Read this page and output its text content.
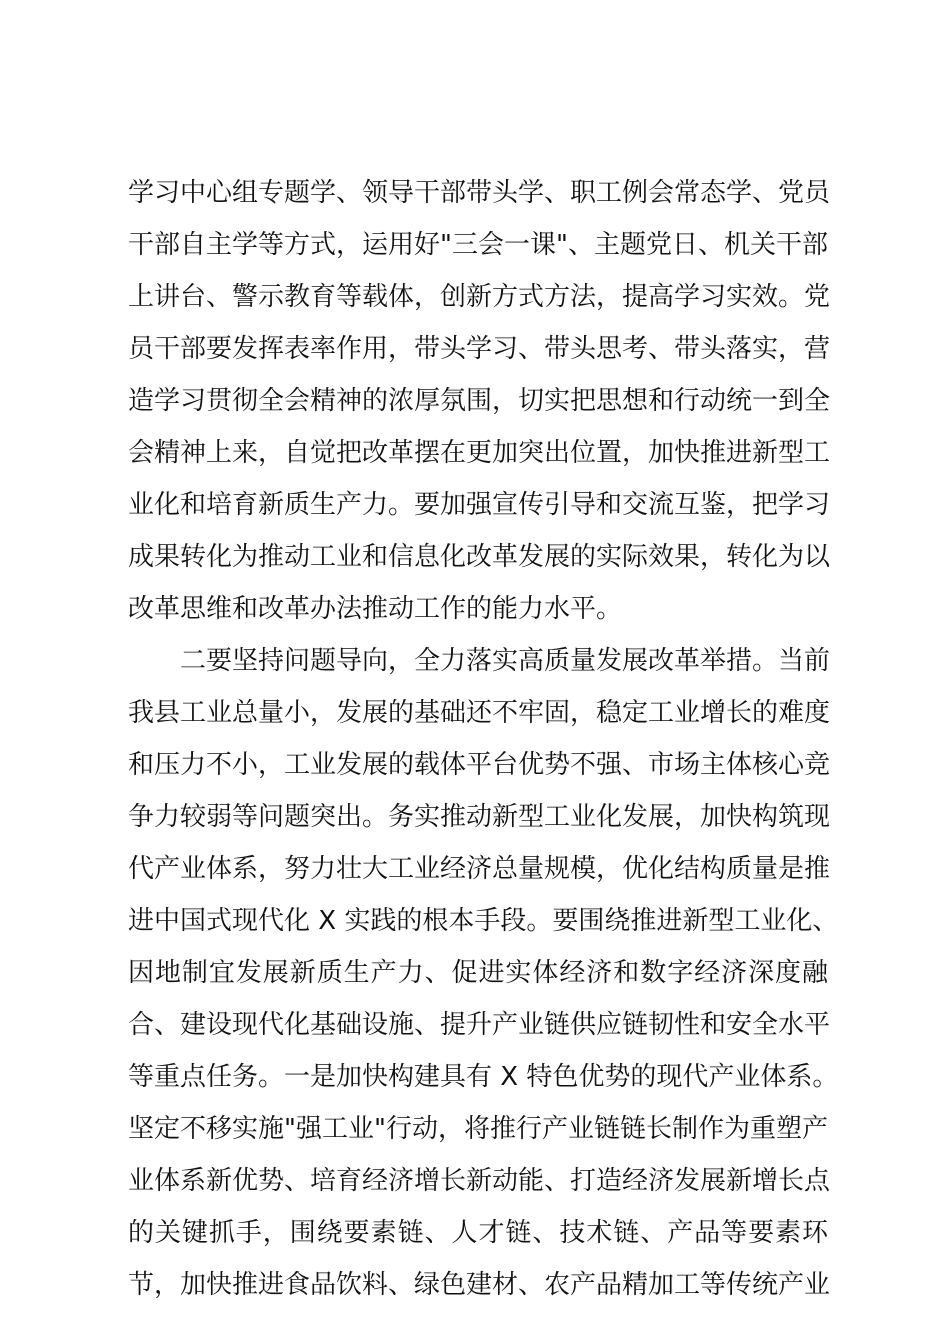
学习中心组专题学、领导干部带头学、职工例会常态学、党员
干部自主学等方式，运用好"三会一课"、主题党日、机关干部
上讲台、警示教育等载体，创新方式方法，提高学习实效。党
员干部要发挥表率作用，带头学习、带头思考、带头落实，营
造学习贯彻全会精神的浓厚氛围，切实把思想和行动统一到全
会精神上来，自觉把改革摆在更加突出位置，加快推进新型工
业化和培育新质生产力。要加强宣传引导和交流互鉴，把学习
成果转化为推动工业和信息化改革发展的实际效果，转化为以
改革思维和改革办法推动工作的能力水平。
二要坚持问题导向，全力落实高质量发展改革举措。当前
我县工业总量小，发展的基础还不牢固，稳定工业增长的难度
和压力不小，工业发展的载体平台优势不强、市场主体核心竞
争力较弱等问题突出。务实推动新型工业化发展，加快构筑现
代产业体系，努力壮大工业经济总量规模，优化结构质量是推
进中国式现代化 X 实践的根本手段。要围绕推进新型工业化、
因地制宜发展新质生产力、促进实体经济和数字经济深度融
合、建设现代化基础设施、提升产业链供应链韧性和安全水平
等重点任务。一是加快构建具有 X 特色优势的现代产业体系。
坚定不移实施"强工业"行动，将推行产业链链长制作为重塑产
业体系新优势、培育经济增长新动能、打造经济发展新增长点
的关键抓手，围绕要素链、人才链、技术链、产品等要素环
节，加快推进食品饮料、绿色建材、农产品精加工等传统产业
